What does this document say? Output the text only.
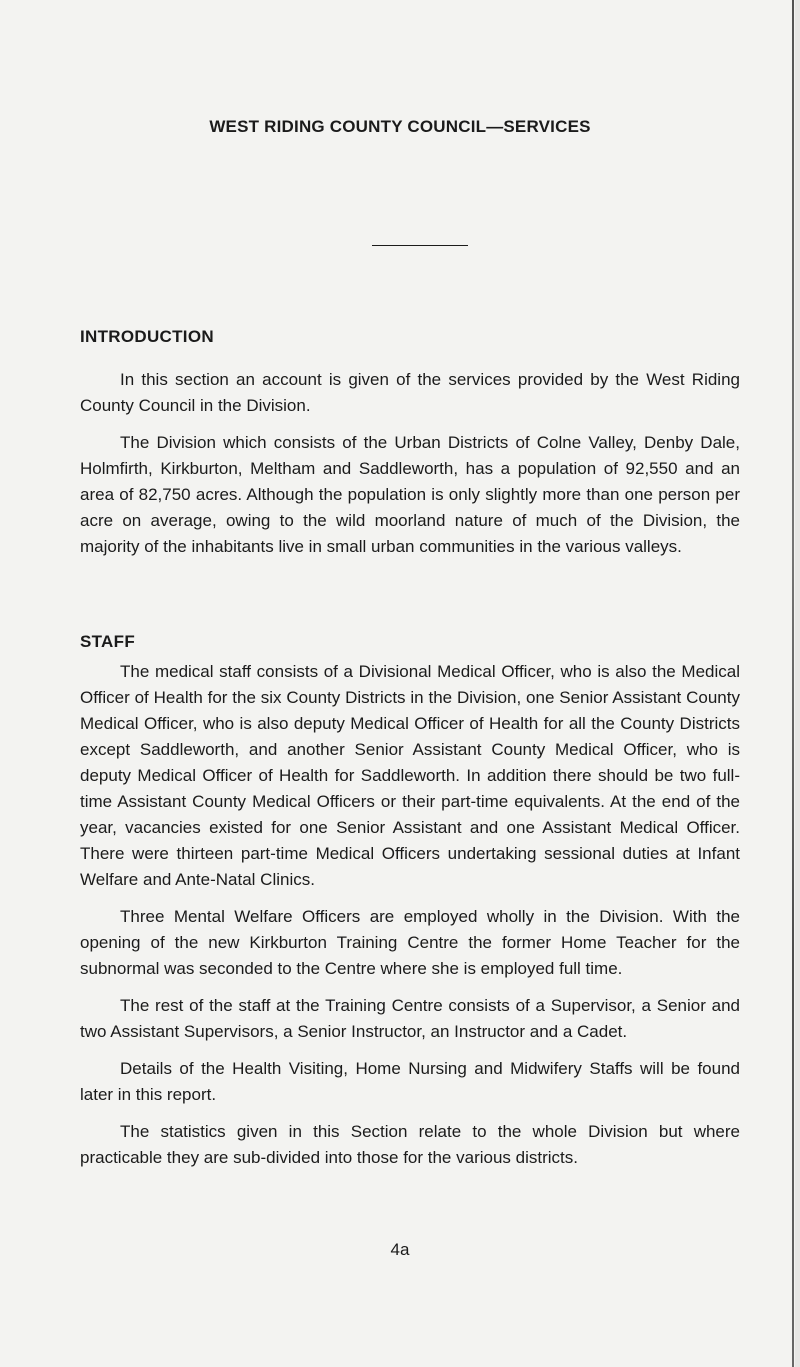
WEST RIDING COUNTY COUNCIL—SERVICES
INTRODUCTION

In this section an account is given of the services provided by the West Riding County Council in the Division.

The Division which consists of the Urban Districts of Colne Valley, Denby Dale, Holmfirth, Kirkburton, Meltham and Saddleworth, has a population of 92,550 and an area of 82,750 acres. Although the population is only slightly more than one person per acre on average, owing to the wild moorland nature of much of the Division, the majority of the inhabitants live in small urban communities in the various valleys.

STAFF

The medical staff consists of a Divisional Medical Officer, who is also the Medical Officer of Health for the six County Districts in the Division, one Senior Assistant County Medical Officer, who is also deputy Medical Officer of Health for all the County Districts except Saddleworth, and another Senior Assistant County Medical Officer, who is deputy Medical Officer of Health for Saddleworth. In addition there should be two full-time Assistant County Medical Officers or their part-time equivalents. At the end of the year, vacancies existed for one Senior Assistant and one Assistant Medical Officer. There were thirteen part-time Medical Officers undertaking sessional duties at Infant Welfare and Ante-Natal Clinics.

Three Mental Welfare Officers are employed wholly in the Division. With the opening of the new Kirkburton Training Centre the former Home Teacher for the subnormal was seconded to the Centre where she is employed full time.

The rest of the staff at the Training Centre consists of a Supervisor, a Senior and two Assistant Supervisors, a Senior Instructor, an Instructor and a Cadet.

Details of the Health Visiting, Home Nursing and Midwifery Staffs will be found later in this report.

The statistics given in this Section relate to the whole Division but where practicable they are sub-divided into those for the various districts.

4a
